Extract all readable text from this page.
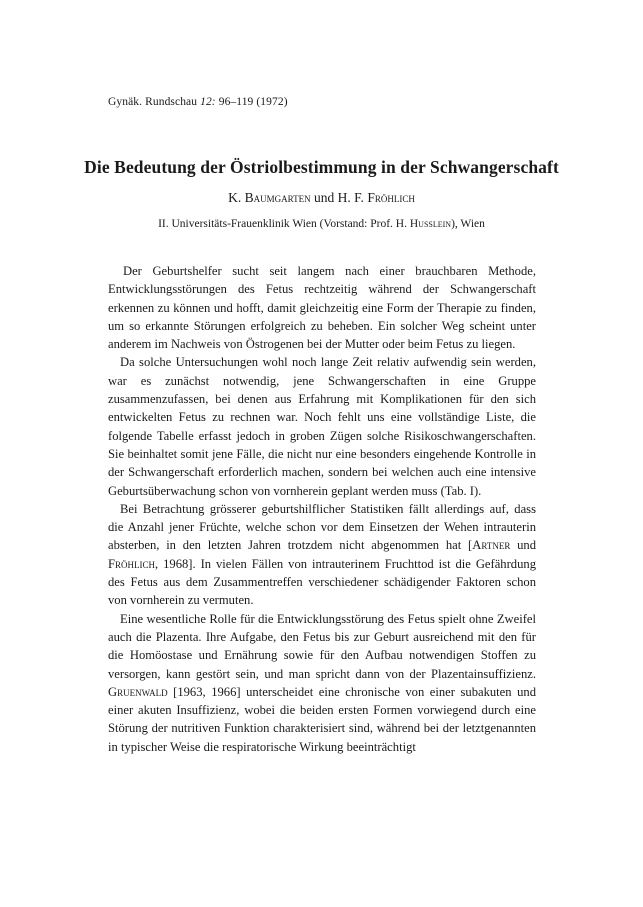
Gynäk. Rundschau 12: 96–119 (1972)
Die Bedeutung der Östriolbestimmung in der Schwangerschaft
K. Baumgarten und H. F. Fröhlich
II. Universitäts-Frauenklinik Wien (Vorstand: Prof. H. Husslein), Wien

Der Geburtshelfer sucht seit langem nach einer brauchbaren Methode, Entwicklungsstörungen des Fetus rechtzeitig während der Schwangerschaft erkennen zu können und hofft, damit gleichzeitig eine Form der Therapie zu finden, um so erkannte Störungen erfolgreich zu beheben. Ein solcher Weg scheint unter anderem im Nachweis von Östrogenen bei der Mutter oder beim Fetus zu liegen.

Da solche Untersuchungen wohl noch lange Zeit relativ aufwendig sein werden, war es zunächst notwendig, jene Schwangerschaften in eine Gruppe zusammenzufassen, bei denen aus Erfahrung mit Komplikationen für den sich entwickelten Fetus zu rechnen war. Noch fehlt uns eine vollständige Liste, die folgende Tabelle erfasst jedoch in groben Zügen solche Risikoschwangerschaften. Sie beinhaltet somit jene Fälle, die nicht nur eine besonders eingehende Kontrolle in der Schwangerschaft erforderlich machen, sondern bei welchen auch eine intensive Geburtsüberwachung schon von vornherein geplant werden muss (Tab. I).

Bei Betrachtung grösserer geburtshilflicher Statistiken fällt allerdings auf, dass die Anzahl jener Früchte, welche schon vor dem Einsetzen der Wehen intrauterin absterben, in den letzten Jahren trotzdem nicht abgenommen hat [Artner und Fröhlich, 1968]. In vielen Fällen von intrauterinem Fruchttod ist die Gefährdung des Fetus aus dem Zusammentreffen verschiedener schädigender Faktoren schon von vornherein zu vermuten.

Eine wesentliche Rolle für die Entwicklungsstörung des Fetus spielt ohne Zweifel auch die Plazenta. Ihre Aufgabe, den Fetus bis zur Geburt ausreichend mit den für die Homöostase und Ernährung sowie für den Aufbau notwendigen Stoffen zu versorgen, kann gestört sein, und man spricht dann von der Plazentainsuffizienz. Gruenwald [1963, 1966] unterscheidet eine chronische von einer subakuten und einer akuten Insuffizienz, wobei die beiden ersten Formen vorwiegend durch eine Störung der nutritiven Funktion charakterisiert sind, während bei der letztgenannten in typischer Weise die respiratorische Wirkung beeinträchtigt
